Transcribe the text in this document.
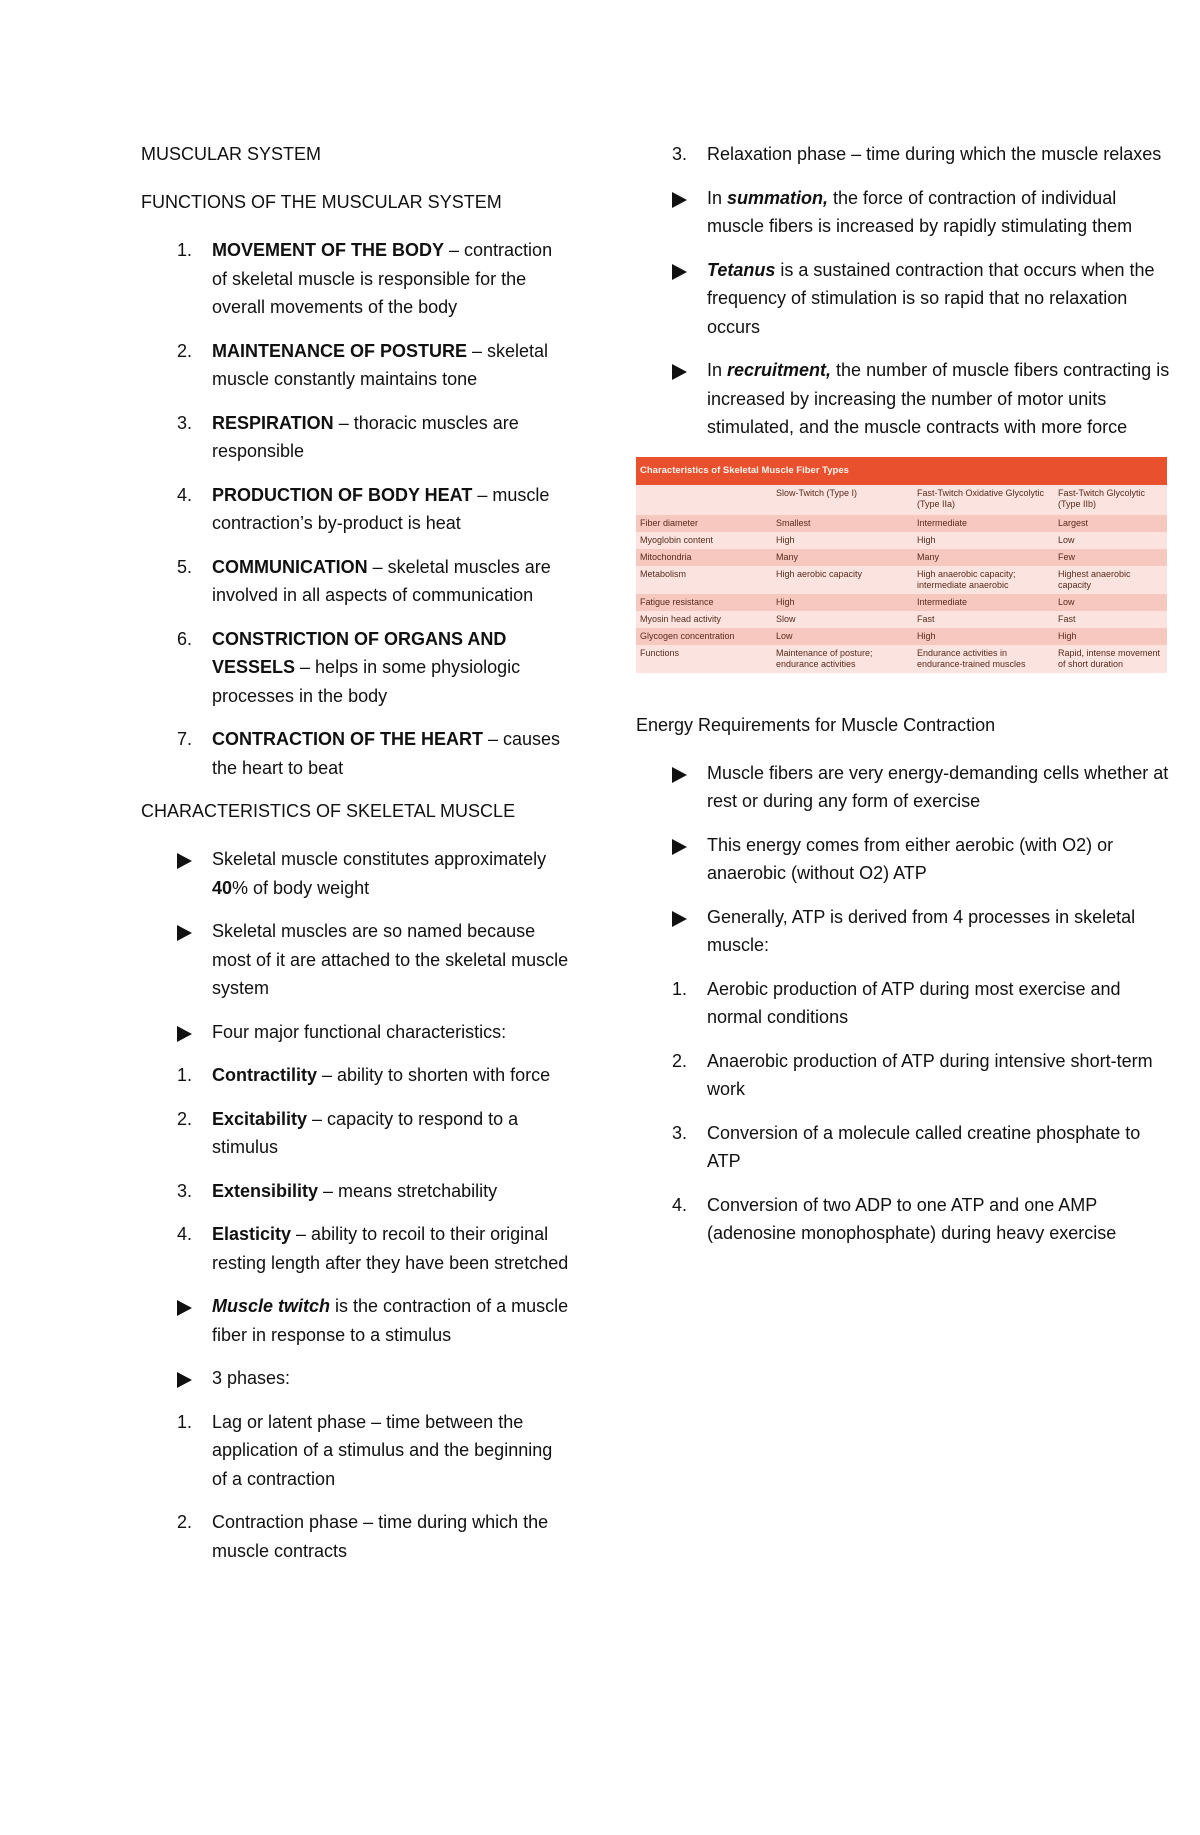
MUSCULAR SYSTEM

FUNCTIONS OF THE MUSCULAR SYSTEM

1. MOVEMENT OF THE BODY – contraction of skeletal muscle is responsible for the overall movements of the body
2. MAINTENANCE OF POSTURE – skeletal muscle constantly maintains tone
3. RESPIRATION – thoracic muscles are responsible
4. PRODUCTION OF BODY HEAT – muscle contraction’s by-product is heat
5. COMMUNICATION – skeletal muscles are involved in all aspects of communication
6. CONSTRICTION OF ORGANS AND VESSELS – helps in some physiologic processes in the body
7. CONTRACTION OF THE HEART – causes the heart to beat

CHARACTERISTICS OF SKELETAL MUSCLE

Skeletal muscle constitutes approximately 40% of body weight
Skeletal muscles are so named because most of it are attached to the skeletal muscle system
Four major functional characteristics:
1. Contractility – ability to shorten with force
2. Excitability – capacity to respond to a stimulus
3. Extensibility – means stretchability
4. Elasticity – ability to recoil to their original resting length after they have been stretched
Muscle twitch is the contraction of a muscle fiber in response to a stimulus
3 phases:
1. Lag or latent phase – time between the application of a stimulus and the beginning of a contraction
2. Contraction phase – time during which the muscle contracts
3. Relaxation phase – time during which the muscle relaxes
In summation, the force of contraction of individual muscle fibers is increased by rapidly stimulating them
Tetanus is a sustained contraction that occurs when the frequency of stimulation is so rapid that no relaxation occurs
In recruitment, the number of muscle fibers contracting is increased by increasing the number of motor units stimulated, and the muscle contracts with more force
Characteristics of Skeletal Muscle Fiber Types			
	Slow-Twitch (Type I)	Fast-Twitch Oxidative Glycolytic (Type IIa)	Fast-Twitch Glycolytic (Type IIb)
Fiber diameter	Smallest	Intermediate	Largest
Myoglobin content	High	High	Low
Mitochondria	Many	Many	Few
Metabolism	High aerobic capacity	High anaerobic capacity; intermediate anaerobic	Highest anaerobic capacity
Fatigue resistance	High	Intermediate	Low
Myosin head activity	Slow	Fast	Fast
Glycogen concentration	Low	High	High
Functions	Maintenance of posture; endurance activities	Endurance activities in endurance-trained muscles	Rapid, intense movement of short duration

Energy Requirements for Muscle Contraction

Muscle fibers are very energy-demanding cells whether at rest or during any form of exercise
This energy comes from either aerobic (with O2) or anaerobic (without O2) ATP
Generally, ATP is derived from 4 processes in skeletal muscle:
1. Aerobic production of ATP during most exercise and normal conditions
2. Anaerobic production of ATP during intensive short-term work
3. Conversion of a molecule called creatine phosphate to ATP
4. Conversion of two ADP to one ATP and one AMP (adenosine monophosphate) during heavy exercise
